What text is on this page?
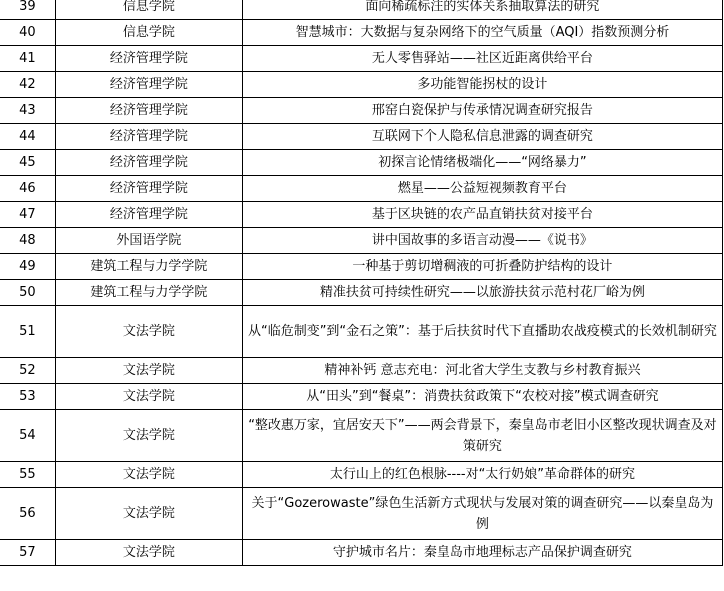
39	信息学院	面向稀疏标注的实体关系抽取算法的研究
40	信息学院	智慧城市：大数据与复杂网络下的空气质量（AQI）指数预测分析
41	经济管理学院	无人零售驿站——社区近距离供给平台
42	经济管理学院	多功能智能拐杖的设计
43	经济管理学院	邢窑白瓷保护与传承情况调查研究报告
44	经济管理学院	互联网下个人隐私信息泄露的调查研究
45	经济管理学院	初探言论情绪极端化——“网络暴力”
46	经济管理学院	燃星——公益短视频教育平台
47	经济管理学院	基于区块链的农产品直销扶贫对接平台
48	外国语学院	讲中国故事的多语言动漫——《说书》
49	建筑工程与力学学院	一种基于剪切增稠液的可折叠防护结构的设计
50	建筑工程与力学学院	精准扶贫可持续性研究——以旅游扶贫示范村花厂峪为例
51	文法学院	从“临危制变”到“金石之策”：基于后扶贫时代下直播助农战疫模式的长效机制研究
52	文法学院	精神补钙 意志充电：河北省大学生支教与乡村教育振兴
53	文法学院	从“田头”到“餐桌”：消费扶贫政策下“农校对接”模式调查研究
54	文法学院	“整改惠万家，宜居安天下”——两会背景下，秦皇岛市老旧小区整改现状调查及对策研究
55	文法学院	太行山上的红色根脉----对“太行奶娘”革命群体的研究
56	文法学院	关于“Gozerowaste”绿色生活新方式现状与发展对策的调查研究——以秦皇岛为例
57	文法学院	守护城市名片：秦皇岛市地理标志产品保护调查研究
